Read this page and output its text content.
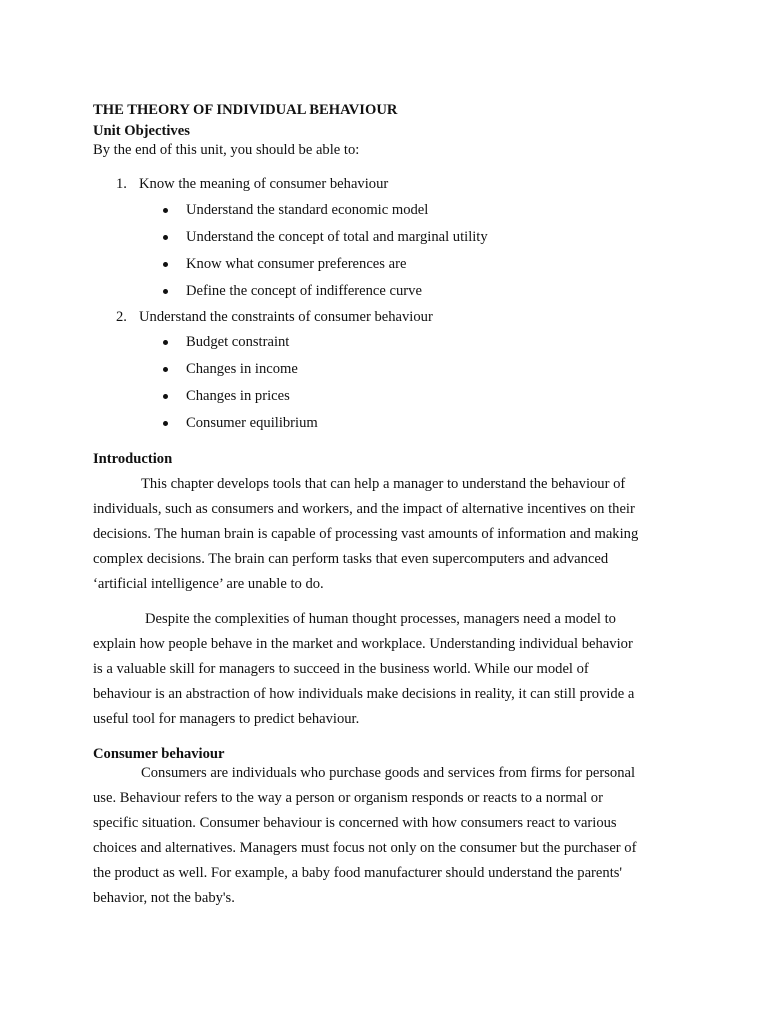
THE THEORY OF INDIVIDUAL BEHAVIOUR
Unit Objectives
By the end of this unit, you should be able to:
1. Know the meaning of consumer behaviour
Understand the standard economic model
Understand the concept of total and marginal utility
Know what consumer preferences are
Define the concept of indifference curve
2. Understand the constraints of consumer behaviour
Budget constraint
Changes in income
Changes in prices
Consumer equilibrium
Introduction
This chapter develops tools that can help a manager to understand the behaviour of
individuals, such as consumers and workers, and the impact of alternative incentives on their
decisions. The human brain is capable of processing vast amounts of information and making
complex decisions. The brain can perform tasks that even supercomputers and advanced
‘artificial intelligence’ are unable to do.
Despite the complexities of human thought processes, managers need a model to
explain how people behave in the market and workplace. Understanding individual behavior
is a valuable skill for managers to succeed in the business world. While our model of
behaviour is an abstraction of how individuals make decisions in reality, it can still provide a
useful tool for managers to predict behaviour.
Consumer behaviour
Consumers are individuals who purchase goods and services from firms for personal
use. Behaviour refers to the way a person or organism responds or reacts to a normal or
specific situation. Consumer behaviour is concerned with how consumers react to various
choices and alternatives. Managers must focus not only on the consumer but the purchaser of
the product as well. For example, a baby food manufacturer should understand the parents'
behavior, not the baby's.
